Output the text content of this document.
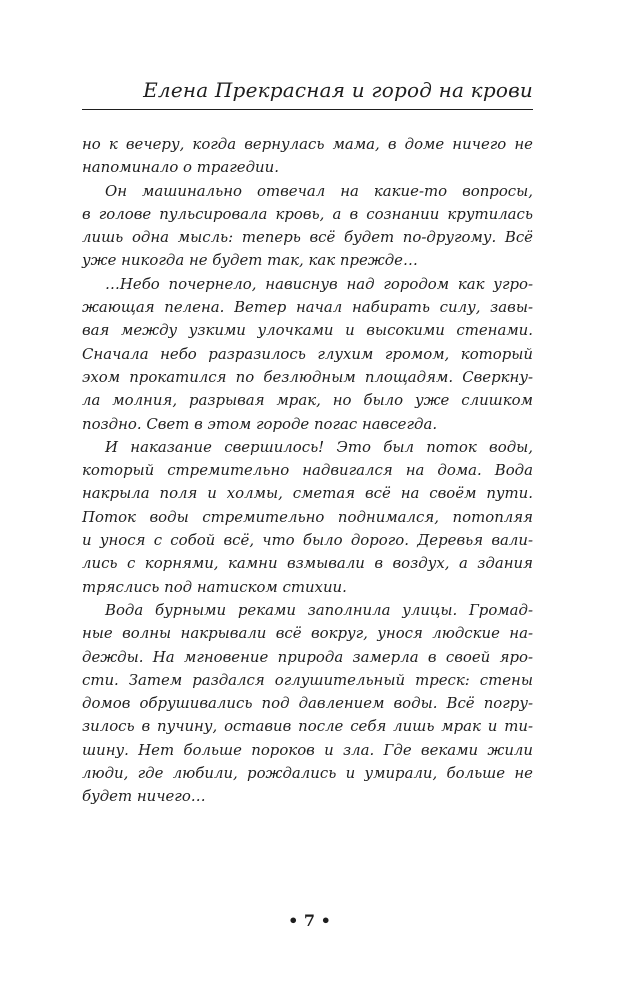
Елена Прекрасная и город на крови
но к вечеру, когда вернулась мама, в доме ничего не
напоминало о трагедии.
Он машинально отвечал на какие-то вопросы,
в голове пульсировала кровь, а в сознании крутилась
лишь одна мысль: теперь всё будет по-другому. Всё
уже никогда не будет так, как прежде…
…Небо почернело, нависнув над городом как угро-
жающая пелена. Ветер начал набирать силу, завы-
вая между узкими улочками и высокими стенами.
Сначала небо разразилось глухим громом, который
эхом прокатился по безлюдным площадям. Сверкну-
ла молния, разрывая мрак, но было уже слишком
поздно. Свет в этом городе погас навсегда.
И наказание свершилось! Это был поток воды,
который стремительно надвигался на дома. Вода
накрыла поля и холмы, сметая всё на своём пути.
Поток воды стремительно поднимался, потопляя
и унося с собой всё, что было дорого. Деревья вали-
лись с корнями, камни взмывали в воздух, а здания
тряслись под натиском стихии.
Вода бурными реками заполнила улицы. Громад-
ные волны накрывали всё вокруг, унося людские на-
дежды. На мгновение природа замерла в своей яро-
сти. Затем раздался оглушительный треск: стены
домов обрушивались под давлением воды. Всё погру-
зилось в пучину, оставив после себя лишь мрак и ти-
шину. Нет больше пороков и зла. Где веками жили
люди, где любили, рождались и умирали, больше не
будет ничего…
• 7 •
